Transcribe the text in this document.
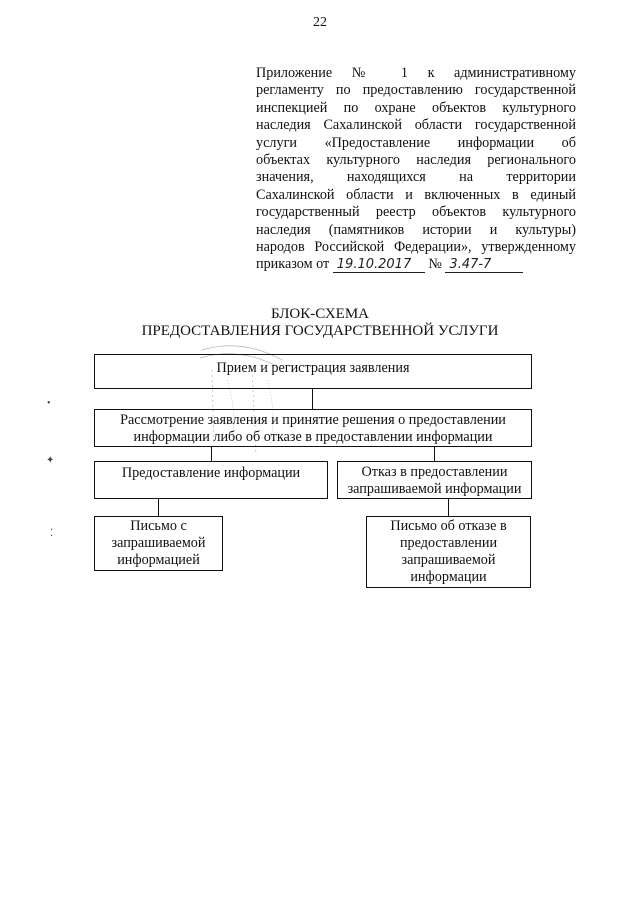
22
Приложение № 1 к административному
регламенту по предоставлению государственной
инспекцией по охране объектов культурного
наследия Сахалинской области государственной
услуги «Предоставление информации об
объектах культурного наследия регионального
значения, находящихся на территории
Сахалинской области и включенных в единый
государственный реестр объектов культурного
наследия (памятников истории и культуры)
народов Российской Федерации», утвержденному
приказом от 19.10.2017 № 3.47-7
БЛОК-СХЕМА
ПРЕДОСТАВЛЕНИЯ ГОСУДАРСТВЕННОЙ УСЛУГИ
Прием и регистрация заявления
Рассмотрение заявления и принятие решения о предоставлении
информации либо об отказе в предоставлении информации
Предоставление информации	Отказ в предоставлении
запрашиваемой информации
Письмо с
запрашиваемой
информацией
Письмо об отказе в
предоставлении
запрашиваемой
информации
•
✦
⁚
